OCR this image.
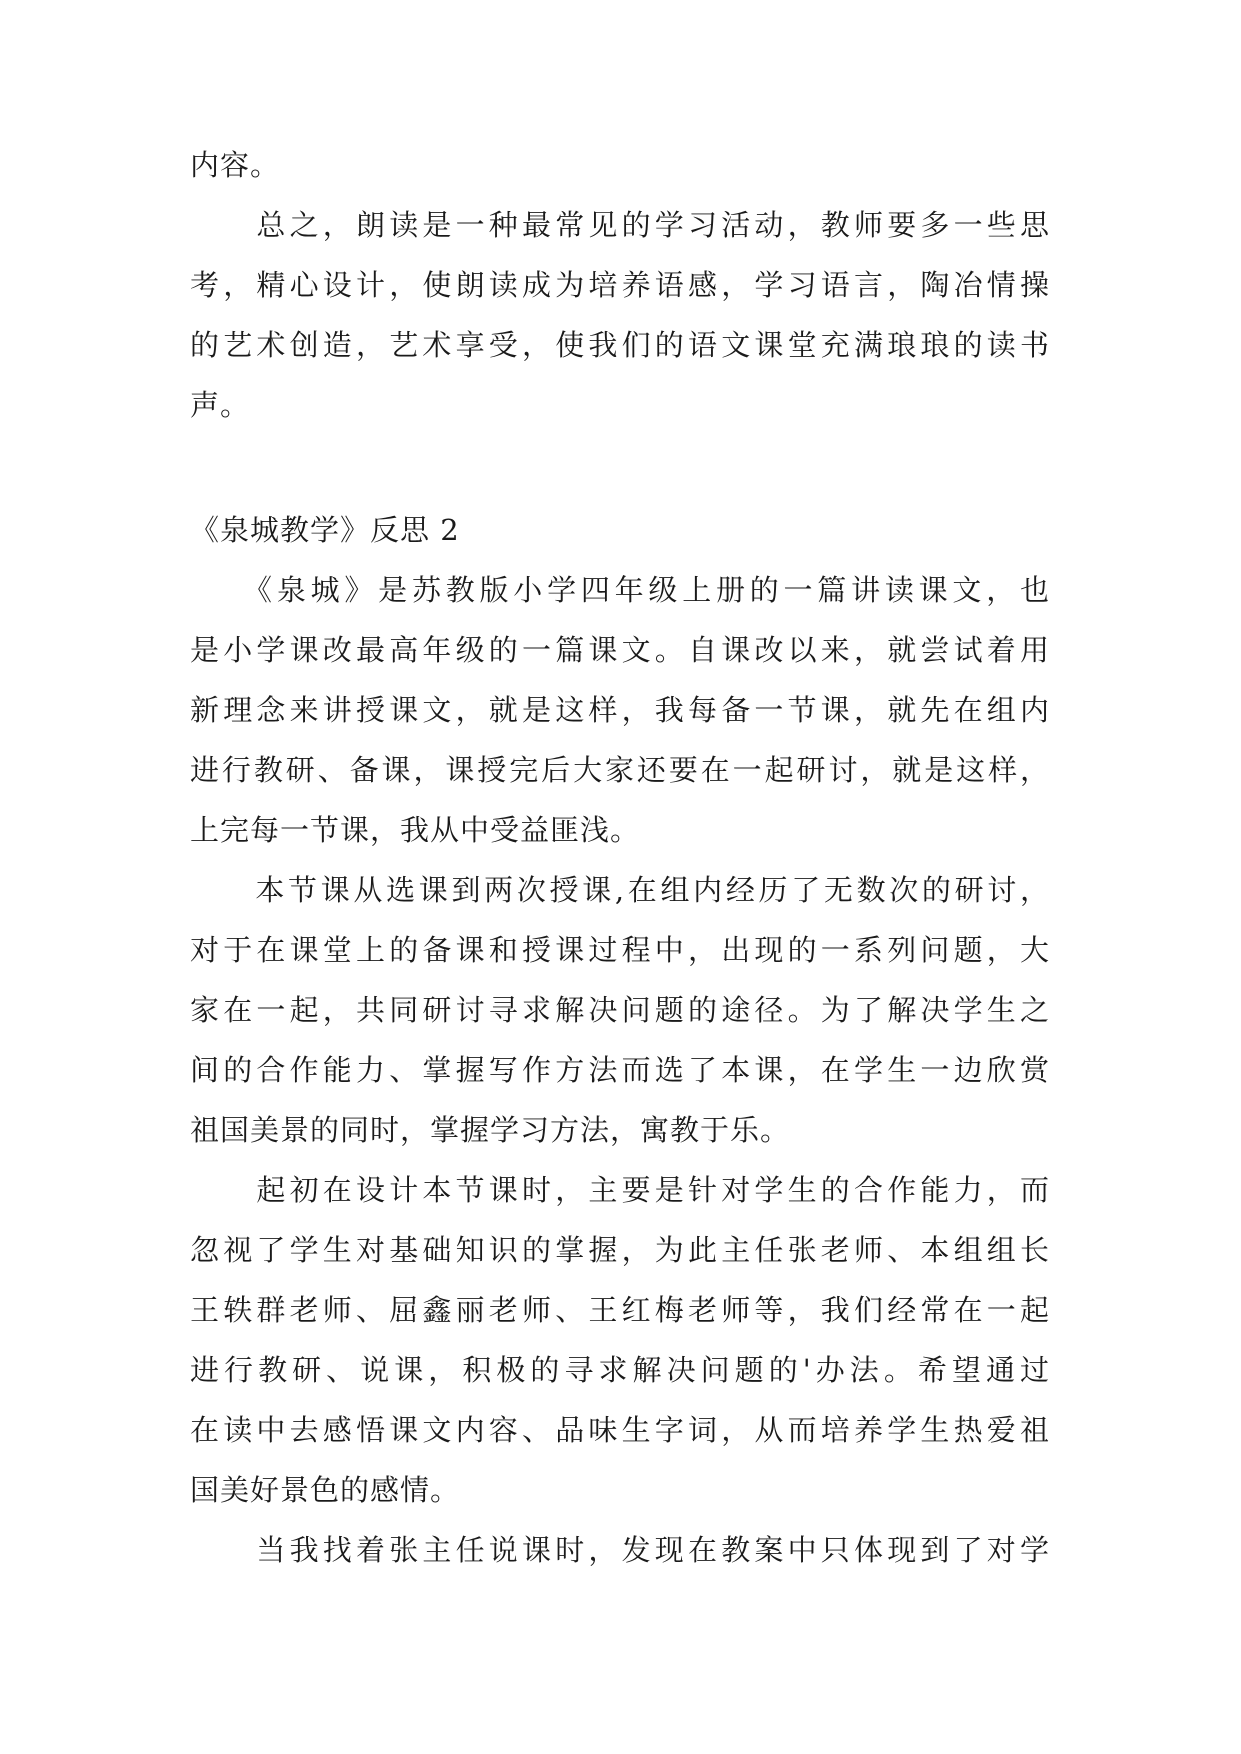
内容。
　　总之，朗读是一种最常见的学习活动，教师要多一些思
考，精心设计，使朗读成为培养语感，学习语言，陶冶情操
的艺术创造，艺术享受，使我们的语文课堂充满琅琅的读书
声。
《泉城教学》反思 2
　　《泉城》是苏教版小学四年级上册的一篇讲读课文，也
是小学课改最高年级的一篇课文。自课改以来，就尝试着用
新理念来讲授课文，就是这样，我每备一节课，就先在组内
进行教研、备课，课授完后大家还要在一起研讨，就是这样，
上完每一节课，我从中受益匪浅。
　　本节课从选课到两次授课,在组内经历了无数次的研讨，
对于在课堂上的备课和授课过程中，出现的一系列问题，大
家在一起，共同研讨寻求解决问题的途径。为了解决学生之
间的合作能力、掌握写作方法而选了本课，在学生一边欣赏
祖国美景的同时，掌握学习方法，寓教于乐。
　　起初在设计本节课时，主要是针对学生的合作能力，而
忽视了学生对基础知识的掌握，为此主任张老师、本组组长
王轶群老师、屈鑫丽老师、王红梅老师等，我们经常在一起
进行教研、说课，积极的寻求解决问题的'办法。希望通过
在读中去感悟课文内容、品味生字词，从而培养学生热爱祖
国美好景色的感情。
　　当我找着张主任说课时，发现在教案中只体现到了对学
